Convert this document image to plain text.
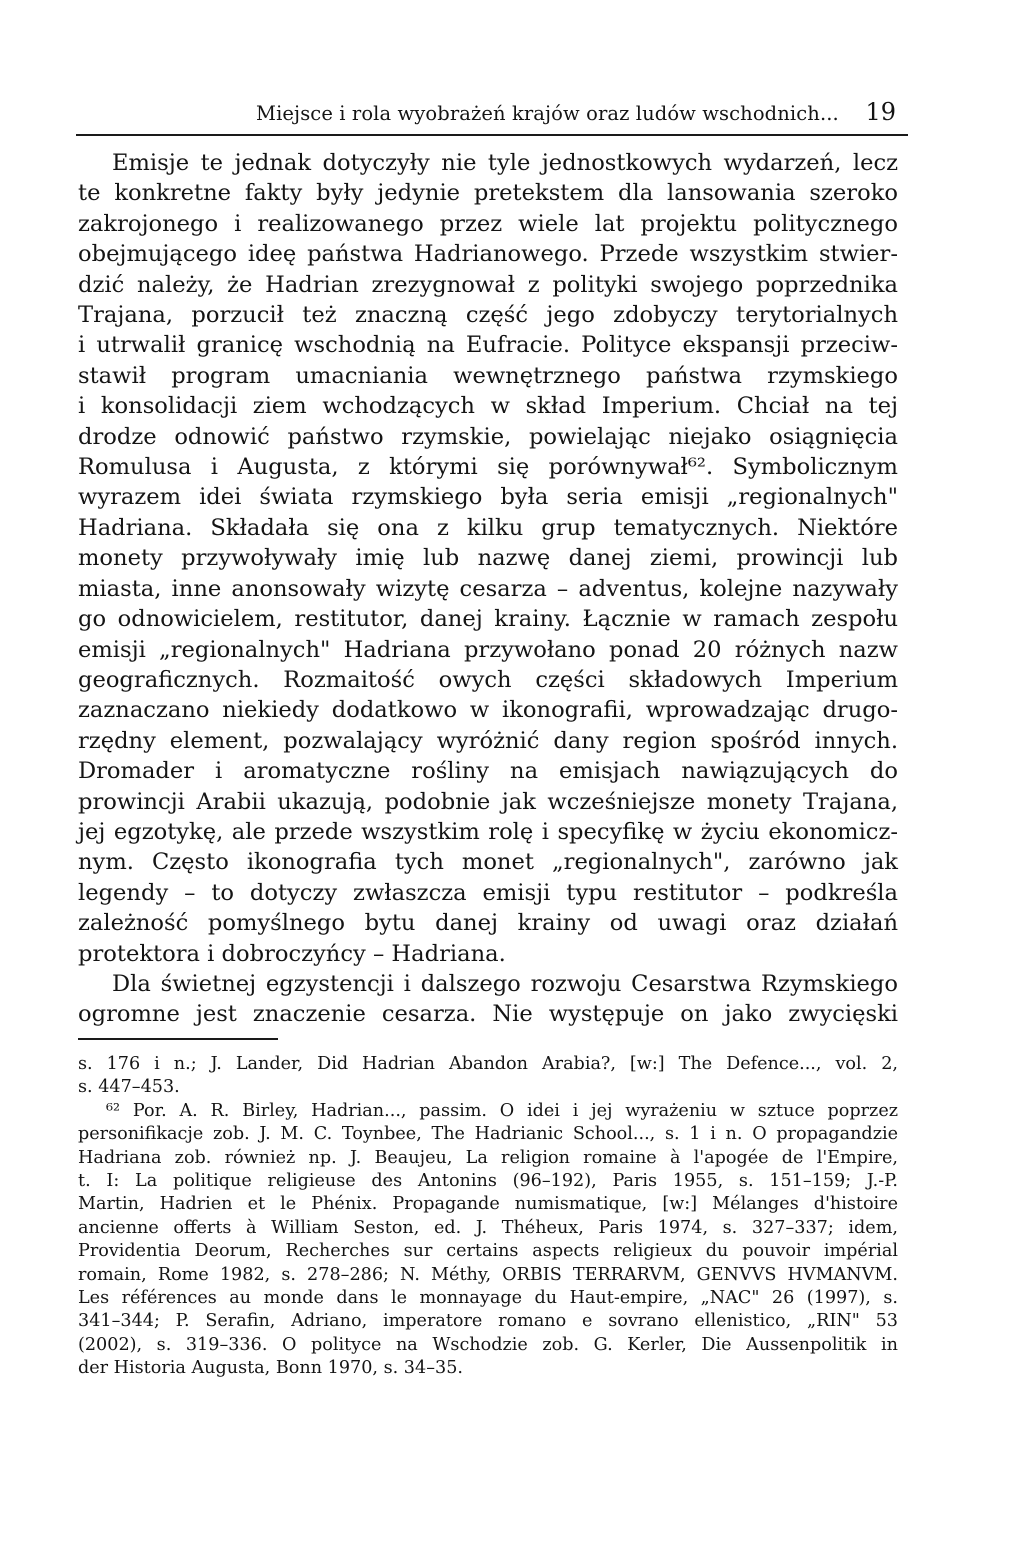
Miejsce i rola wyobrażeń krajów oraz ludów wschodnich... 19
Emisje te jednak dotyczyły nie tyle jednostkowych wydarzeń, lecz
te konkretne fakty były jedynie pretekstem dla lansowania szeroko
zakrojonego i realizowanego przez wiele lat projektu politycznego
obejmującego ideę państwa Hadrianowego. Przede wszystkim stwier-
dzić należy, że Hadrian zrezygnował z polityki swojego poprzednika
Trajana, porzucił też znaczną część jego zdobyczy terytorialnych
i utrwalił granicę wschodnią na Eufracie. Polityce ekspansji przeciw-
stawił program umacniania wewnętrznego państwa rzymskiego
i konsolidacji ziem wchodzących w skład Imperium. Chciał na tej
drodze odnowić państwo rzymskie, powielając niejako osiągnięcia
Romulusa i Augusta, z którymi się porównywał⁶². Symbolicznym
wyrazem idei świata rzymskiego była seria emisji „regionalnych"
Hadriana. Składała się ona z kilku grup tematycznych. Niektóre
monety przywoływały imię lub nazwę danej ziemi, prowincji lub
miasta, inne anonsowały wizytę cesarza – adventus, kolejne nazywały
go odnowicielem, restitutor, danej krainy. Łącznie w ramach zespołu
emisji „regionalnych" Hadriana przywołano ponad 20 różnych nazw
geograficznych. Rozmaitość owych części składowych Imperium
zaznaczano niekiedy dodatkowo w ikonografii, wprowadzając drugo-
rzędny element, pozwalający wyróżnić dany region spośród innych.
Dromader i aromatyczne rośliny na emisjach nawiązujących do
prowincji Arabii ukazują, podobnie jak wcześniejsze monety Trajana,
jej egzotykę, ale przede wszystkim rolę i specyfikę w życiu ekonomicz-
nym. Często ikonografia tych monet „regionalnych", zarówno jak
legendy – to dotyczy zwłaszcza emisji typu restitutor – podkreśla
zależność pomyślnego bytu danej krainy od uwagi oraz działań
protektora i dobroczyńcy – Hadriana.
Dla świetnej egzystencji i dalszego rozwoju Cesarstwa Rzymskiego
ogromne jest znaczenie cesarza. Nie występuje on jako zwycięski
s. 176 i n.; J. Lander, Did Hadrian Abandon Arabia?, [w:] The Defence..., vol. 2,
s. 447–453.
⁶² Por. A. R. Birley, Hadrian..., passim. O idei i jej wyrażeniu w sztuce poprzez
personifikacje zob. J. M. C. Toynbee, The Hadrianic School..., s. 1 i n. O propagandzie
Hadriana zob. również np. J. Beaujeu, La religion romaine à l'apogée de l'Empire,
t. I: La politique religieuse des Antonins (96–192), Paris 1955, s. 151–159; J.-P.
Martin, Hadrien et le Phénix. Propagande numismatique, [w:] Mélanges d'histoire
ancienne offerts à William Seston, ed. J. Théheux, Paris 1974, s. 327–337; idem,
Providentia Deorum, Recherches sur certains aspects religieux du pouvoir impérial
romain, Rome 1982, s. 278–286; N. Méthy, ORBIS TERRARVM, GENVVS HVMANVM.
Les références au monde dans le monnayage du Haut-empire, „NAC" 26 (1997), s.
341–344; P. Serafin, Adriano, imperatore romano e sovrano ellenistico, „RIN" 53
(2002), s. 319–336. O polityce na Wschodzie zob. G. Kerler, Die Aussenpolitik in
der Historia Augusta, Bonn 1970, s. 34–35.
